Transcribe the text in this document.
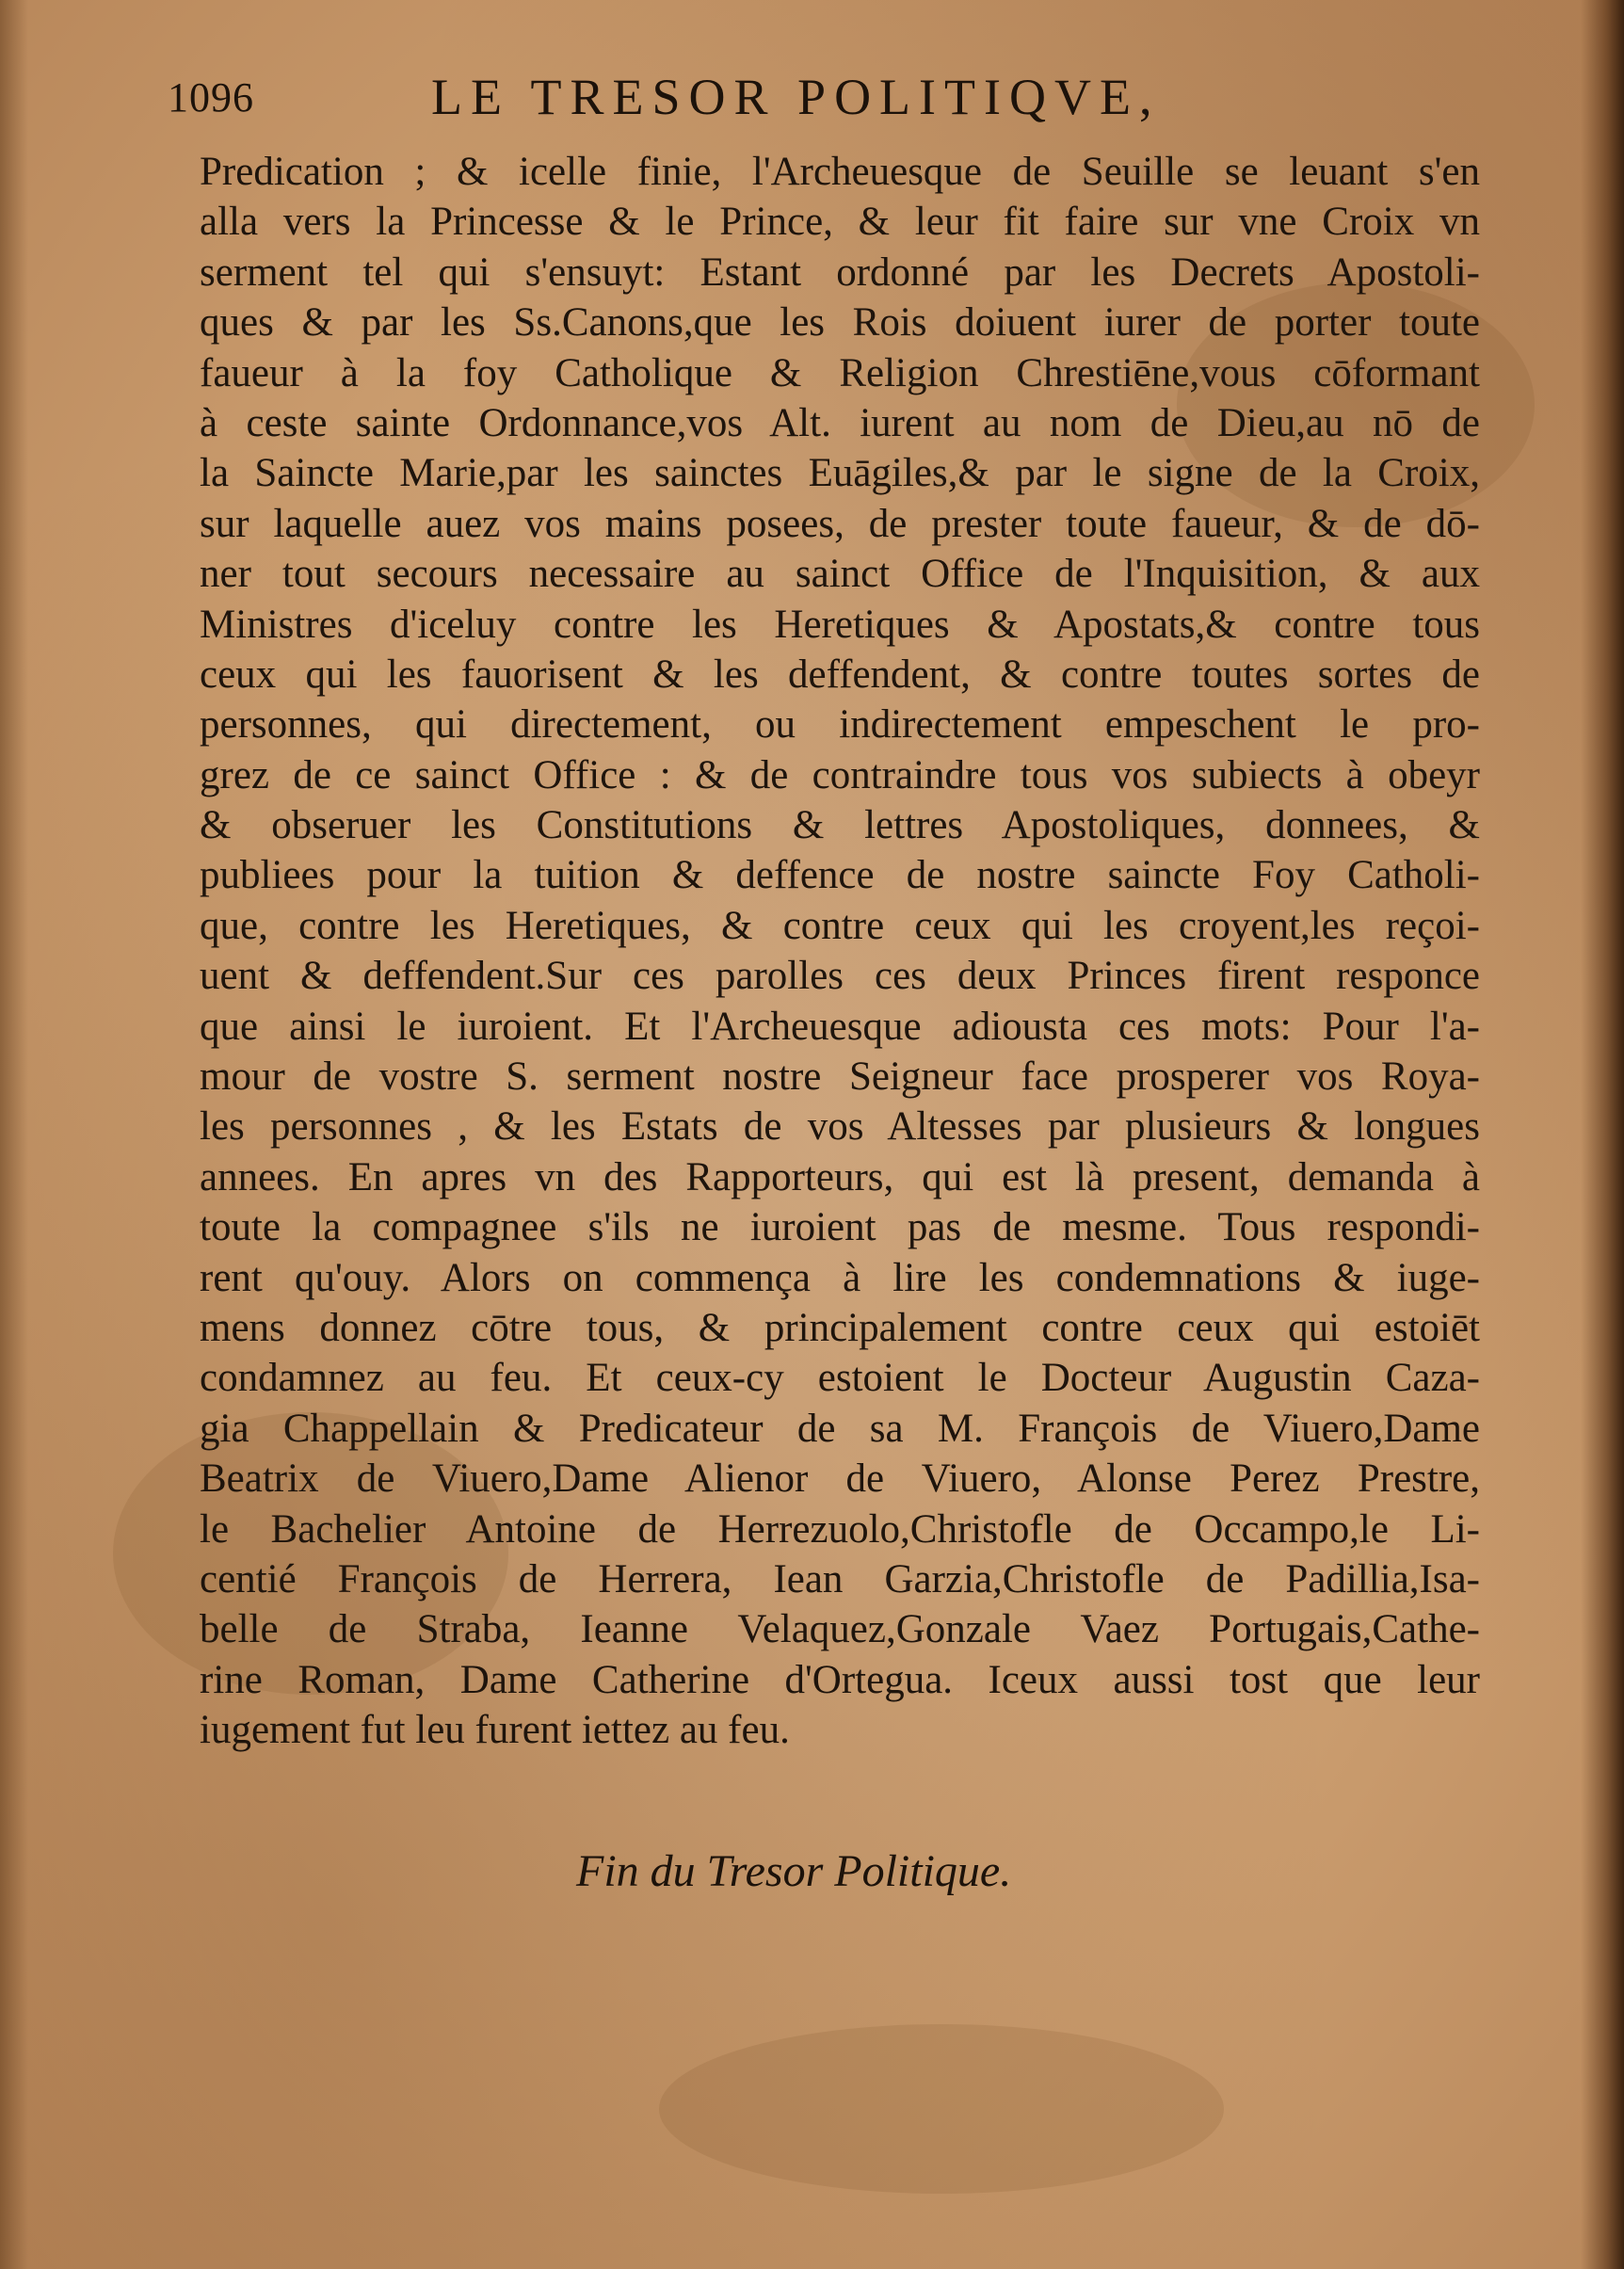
1096	LE TRESOR POLITIQVE,
Predication ; & icelle finie, l'Archeuesque de Seuille se leuant s'en
alla vers la Princesse & le Prince, & leur fit faire sur vne Croix vn
serment tel qui s'ensuyt: Estant ordonné par les Decrets Apostoli-
ques & par les Ss.Canons,que les Rois doiuent iurer de porter toute
faueur à la foy Catholique & Religion Chrestiēne,vous cōformant
à ceste sainte Ordonnance,vos Alt. iurent au nom de Dieu,au nō de
la Saincte Marie,par les sainctes Euāgiles,& par le signe de la Croix,
sur laquelle auez vos mains posees, de prester toute faueur, & de dō-
ner tout secours necessaire au sainct Office de l'Inquisition, & aux
Ministres d'iceluy contre les Heretiques & Apostats,& contre tous
ceux qui les fauorisent & les deffendent, & contre toutes sortes de
personnes, qui directement, ou indirectement empeschent le pro-
grez de ce sainct Office : & de contraindre tous vos subiects à obeyr
& obseruer les Constitutions & lettres Apostoliques, donnees, &
publiees pour la tuition & deffence de nostre saincte Foy Catholi-
que, contre les Heretiques, & contre ceux qui les croyent,les reçoi-
uent & deffendent.Sur ces parolles ces deux Princes firent responce
que ainsi le iuroient. Et l'Archeuesque adiousta ces mots: Pour l'a-
mour de vostre S. serment nostre Seigneur face prosperer vos Roya-
les personnes , & les Estats de vos Altesses par plusieurs & longues
annees. En apres vn des Rapporteurs, qui est là present, demanda à
toute la compagnee s'ils ne iuroient pas de mesme. Tous respondi-
rent qu'ouy. Alors on commença à lire les condemnations & iuge-
mens donnez cōtre tous, & principalement contre ceux qui estoiēt
condamnez au feu. Et ceux-cy estoient le Docteur Augustin Caza-
gia Chappellain & Predicateur de sa M. François de Viuero,Dame
Beatrix de Viuero,Dame Alienor de Viuero, Alonse Perez Prestre,
le Bachelier Antoine de Herrezuolo,Christofle de Occampo,le Li-
centié François de Herrera, Iean Garzia,Christofle de Padillia,Isa-
belle de Straba, Ieanne Velaquez,Gonzale Vaez Portugais,Cathe-
rine Roman, Dame Catherine d'Ortegua. Iceux aussi tost que leur
iugement fut leu furent iettez au feu.
Fin du Tresor Politique.
